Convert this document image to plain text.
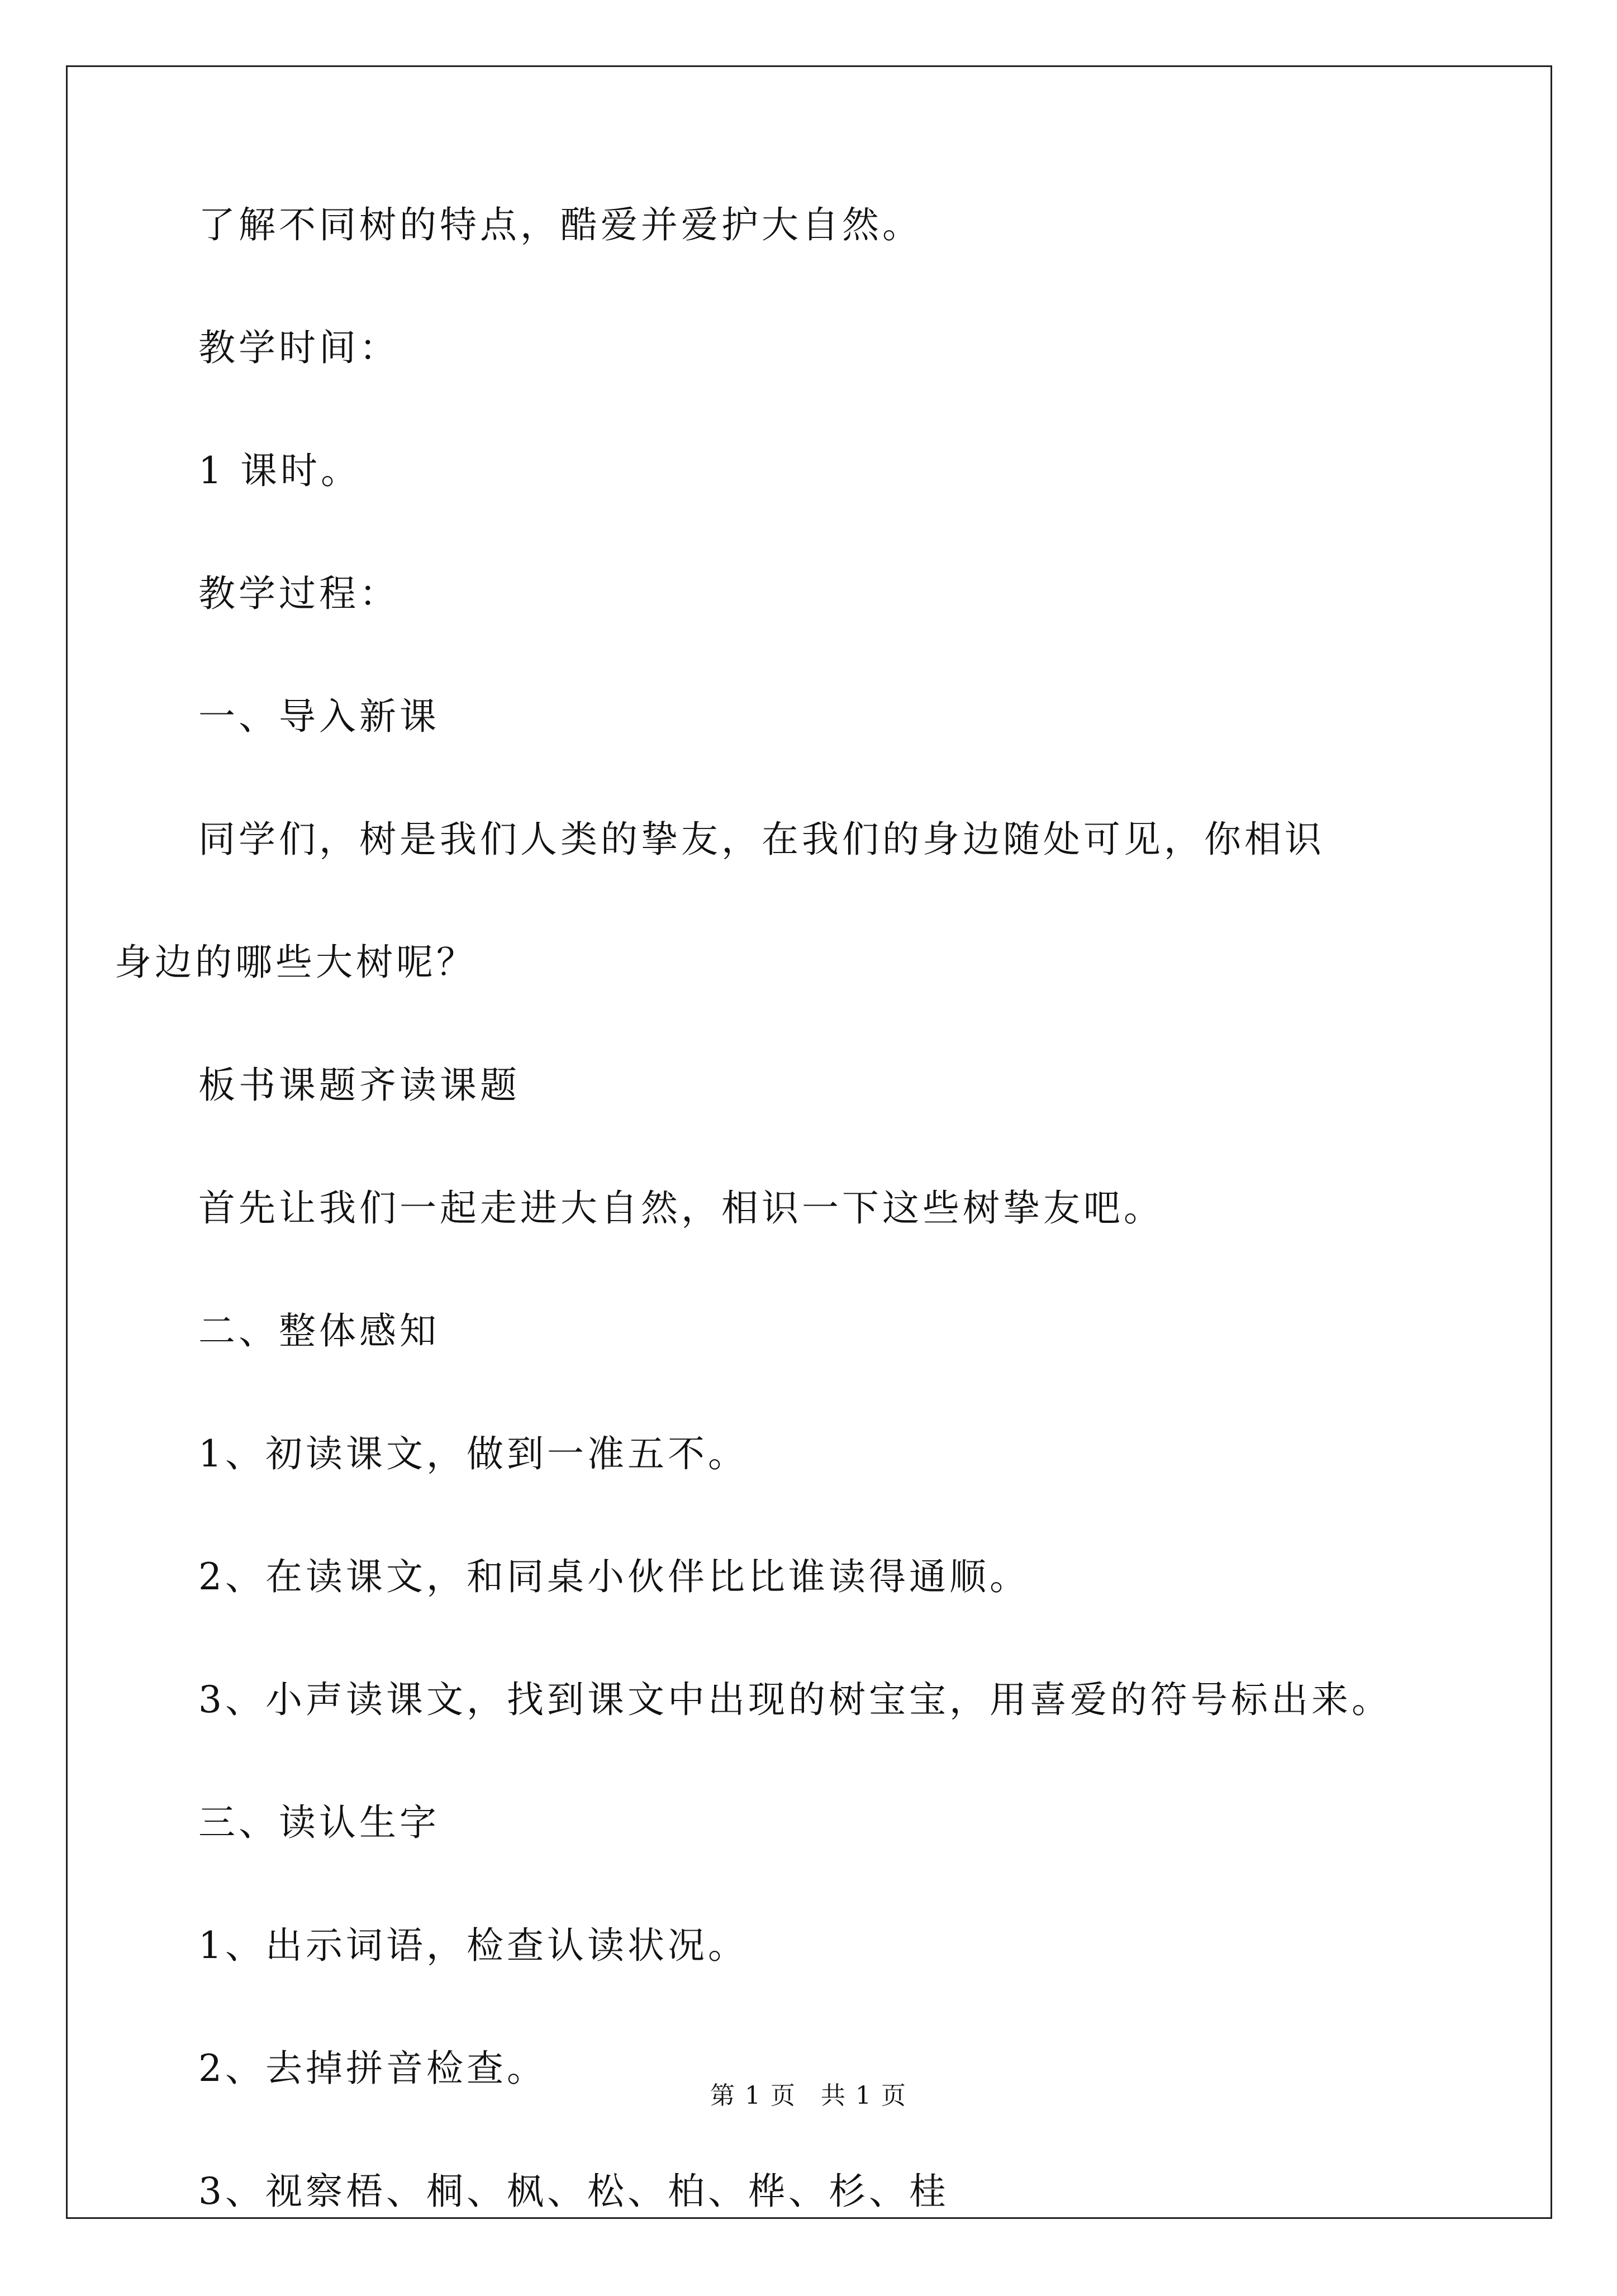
了解不同树的特点，酷爱并爱护大自然。

教学时间：

1 课时。

教学过程：

一、导入新课

同学们，树是我们人类的挚友，在我们的身边随处可见，你相识

身边的哪些大树呢？

板书课题齐读课题

首先让我们一起走进大自然，相识一下这些树挚友吧。

二、整体感知

1、初读课文，做到一准五不。

2、在读课文，和同桌小伙伴比比谁读得通顺。

3、小声读课文，找到课文中出现的树宝宝，用喜爱的符号标出来。

三、读认生字

1、出示词语，检查认读状况。

2、去掉拼音检查。

3、视察梧、桐、枫、松、柏、桦、杉、桂

第 1 页 共 1 页
